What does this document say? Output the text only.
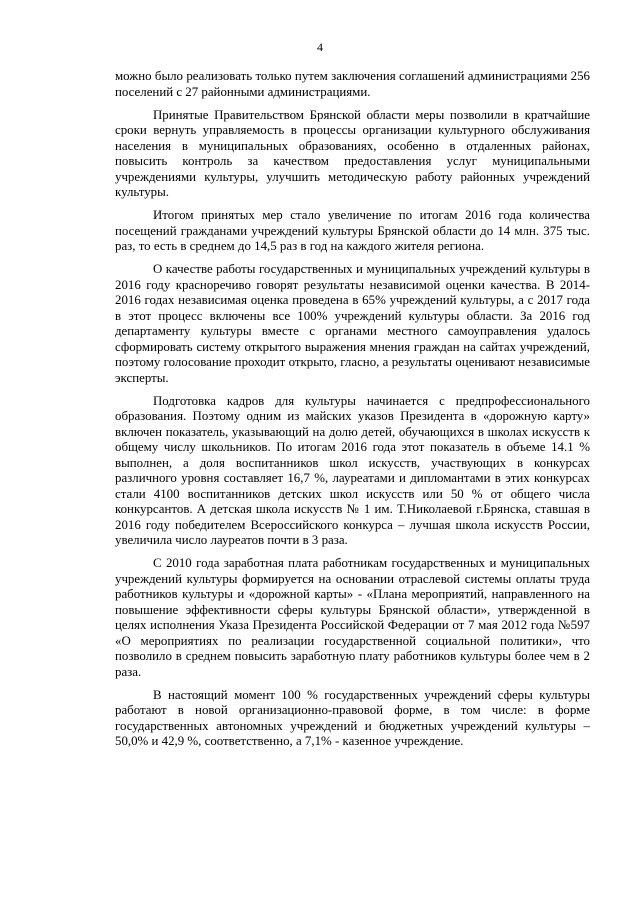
4

можно было реализовать только путем заключения соглашений администрациями 256 поселений с 27 районными администрациями.

Принятые Правительством Брянской области меры позволили в кратчайшие сроки вернуть управляемость в процессы организации культурного обслуживания населения в муниципальных образованиях, особенно в отдаленных районах, повысить контроль за качеством предоставления услуг муниципальными учреждениями культуры, улучшить методическую работу районных учреждений культуры.

Итогом принятых мер стало увеличение по итогам 2016 года количества посещений гражданами учреждений культуры Брянской области до 14 млн. 375 тыс. раз, то есть в среднем до 14,5 раз в год на каждого жителя региона.

О качестве работы государственных и муниципальных учреждений культуры в 2016 году красноречиво говорят результаты независимой оценки качества. В 2014-2016 годах независимая оценка проведена в 65% учреждений культуры, а с 2017 года в этот процесс включены все 100% учреждений культуры области. За 2016 год департаменту культуры вместе с органами местного самоуправления удалось сформировать систему открытого выражения мнения граждан на сайтах учреждений, поэтому голосование проходит открыто, гласно, а результаты оценивают независимые эксперты.

Подготовка кадров для культуры начинается с предпрофессионального образования. Поэтому одним из майских указов Президента в «дорожную карту» включен показатель, указывающий на долю детей, обучающихся в школах искусств к общему числу школьников. По итогам 2016 года этот показатель в объеме 14.1 % выполнен, а доля воспитанников школ искусств, участвующих в конкурсах различного уровня составляет 16,7 %, лауреатами и дипломантами в этих конкурсах стали 4100 воспитанников детских школ искусств или 50 % от общего числа конкурсантов. А детская школа искусств № 1 им. Т.Николаевой г.Брянска, ставшая в 2016 году победителем Всероссийского конкурса – лучшая школа искусств России, увеличила число лауреатов почти в 3 раза.

С 2010 года заработная плата работникам государственных и муниципальных учреждений культуры формируется на основании отраслевой системы оплаты труда работников культуры и «дорожной карты» - «Плана мероприятий, направленного на повышение эффективности сферы культуры Брянской области», утвержденной в целях исполнения Указа Президента Российской Федерации от 7 мая 2012 года №597 «О мероприятиях по реализации государственной социальной политики», что позволило в среднем повысить заработную плату работников культуры более чем в 2 раза.

В настоящий момент 100 % государственных учреждений сферы культуры работают в новой организационно-правовой форме, в том числе: в форме государственных автономных учреждений и бюджетных учреждений культуры – 50,0% и 42,9 %, соответственно, а 7,1% - казенное учреждение.
